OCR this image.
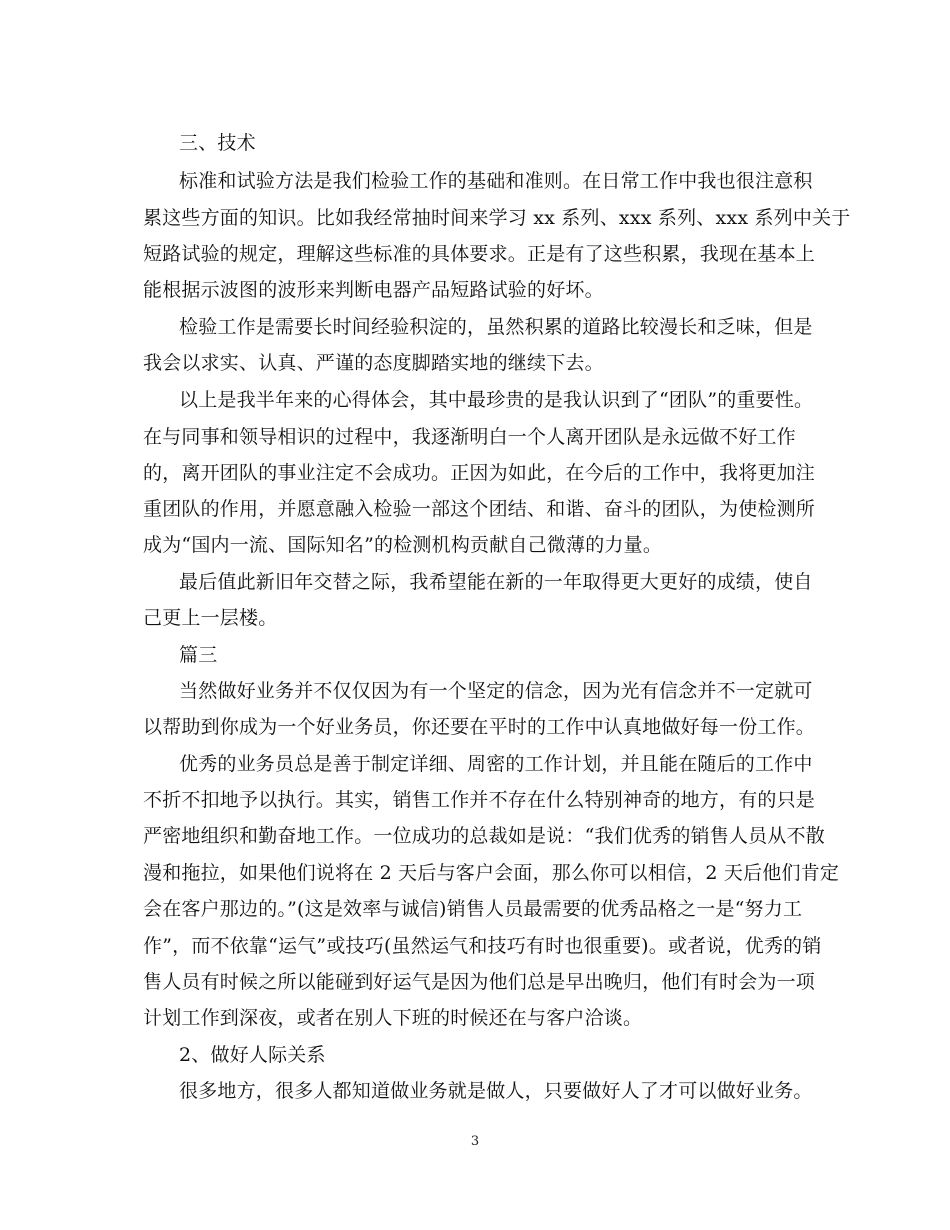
三、技术
标准和试验方法是我们检验工作的基础和准则。在日常工作中我也很注意积
累这些方面的知识。比如我经常抽时间来学习 xx 系列、xxx 系列、xxx 系列中关于
短路试验的规定，理解这些标准的具体要求。正是有了这些积累，我现在基本上
能根据示波图的波形来判断电器产品短路试验的好坏。
检验工作是需要长时间经验积淀的，虽然积累的道路比较漫长和乏味，但是
我会以求实、认真、严谨的态度脚踏实地的继续下去。
以上是我半年来的心得体会，其中最珍贵的是我认识到了“团队”的重要性。
在与同事和领导相识的过程中，我逐渐明白一个人离开团队是永远做不好工作
的，离开团队的事业注定不会成功。正因为如此，在今后的工作中，我将更加注
重团队的作用，并愿意融入检验一部这个团结、和谐、奋斗的团队，为使检测所
成为“国内一流、国际知名”的检测机构贡献自己微薄的力量。
最后值此新旧年交替之际，我希望能在新的一年取得更大更好的成绩，使自
己更上一层楼。
篇三
当然做好业务并不仅仅因为有一个坚定的信念，因为光有信念并不一定就可
以帮助到你成为一个好业务员，你还要在平时的工作中认真地做好每一份工作。
优秀的业务员总是善于制定详细、周密的工作计划，并且能在随后的工作中
不折不扣地予以执行。其实，销售工作并不存在什么特别神奇的地方，有的只是
严密地组织和勤奋地工作。一位成功的总裁如是说：“我们优秀的销售人员从不散
漫和拖拉，如果他们说将在 2 天后与客户会面，那么你可以相信，2 天后他们肯定
会在客户那边的。”(这是效率与诚信)销售人员最需要的优秀品格之一是“努力工
作”，而不依靠“运气”或技巧(虽然运气和技巧有时也很重要)。或者说，优秀的销
售人员有时候之所以能碰到好运气是因为他们总是早出晚归，他们有时会为一项
计划工作到深夜，或者在别人下班的时候还在与客户洽谈。
2、做好人际关系
很多地方，很多人都知道做业务就是做人，只要做好人了才可以做好业务。
3
